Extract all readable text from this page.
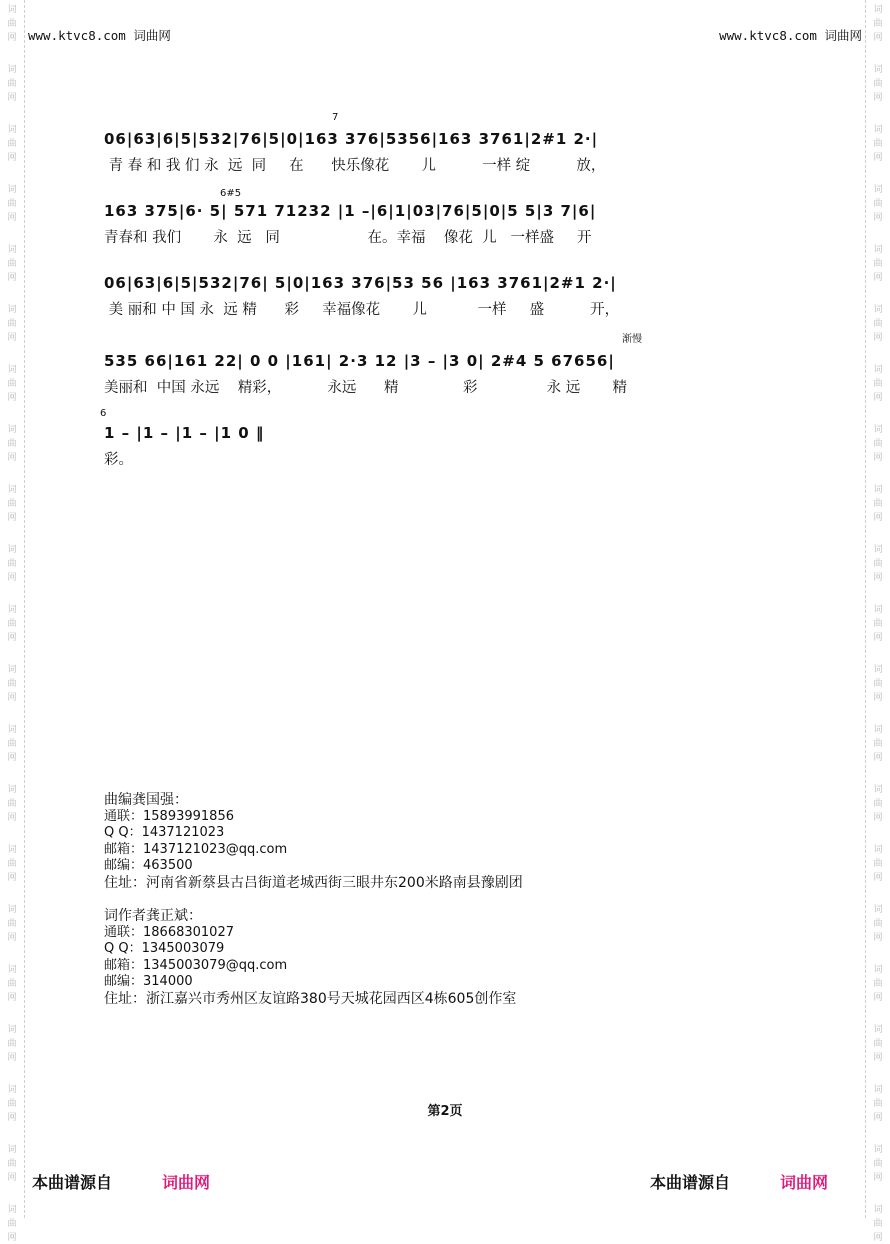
词
曲
网
词
曲
网
词
曲
网
词
曲
网
词
曲
网
词
曲
网
词
曲
网
词
曲
网
词
曲
网
词
曲
网
词
曲
网
词
曲
网
词
曲
网
词
曲
网
词
曲
网
词
曲
网
词
曲
网
词
曲
网
词
曲
网
词
曲
网
词
曲
网
词
曲
网
词
曲
网
词
曲
网
词
曲
网
词
曲
网
词
曲
网
词
曲
网
词
曲
网
词
曲
网
词
曲
网
词
曲
网
词
曲
网
词
曲
网
词
曲
网
词
曲
网
词
曲
网
词
曲
网
词
曲
网
词
曲
网
词
曲
网
词
曲
网
www.ktvc8.com 词曲网	www.ktvc8.com 词曲网
7
06|63|6|5|532|76|5|0|163 376|5356|163 3761|2#1 2·|
青 春 和 我 们 永  远  同     在      快乐像花       儿          一样 绽          放，
6#5
163 375|6· 5| 571 71232 |1 –|6|1|03|76|5|0|5 5|3 7|6|
青春和 我们       永  远   同                   在。幸福    像花  儿   一样盛     开
06|63|6|5|532|76| 5|0|163 376|53 56 |163 3761|2#1 2·|
美 丽和 中 国 永  远 精      彩     幸福像花       儿           一样     盛          开，
渐慢
535 66|161 22| 0 0 |161| 2·3 12 |3 – |3 0| 2#4 5 67656|
美丽和  中国 永远    精彩，          永远      精              彩               永 远       精
6
1 – |1 – |1 – |1 0 ‖
彩。
曲编龚国强：
通联：15893991856
Q Q：1437121023
邮箱：1437121023@qq.com
邮编：463500
住址：河南省新蔡县古吕街道老城西街三眼井东200米路南县豫剧团
词作者龚正斌：
通联：18668301027
Q Q：1345003079
邮箱：1345003079@qq.com
邮编：314000
住址：浙江嘉兴市秀州区友谊路380号天城花园西区4栋605创作室
第2页
本曲谱源自	词曲网	本曲谱源自	词曲网
